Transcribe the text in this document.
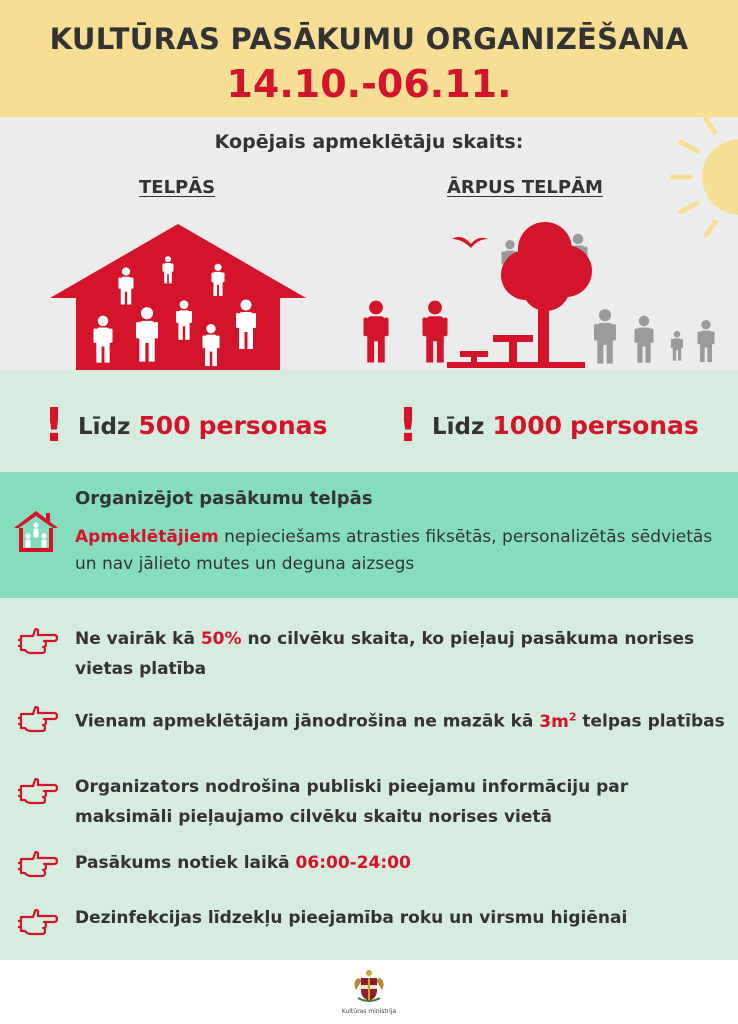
KULTŪRAS PASĀKUMU ORGANIZĒŠANA
14.10.-06.11.
Kopējais apmeklētāju skaits:
TELPĀS	ĀRPUS TELPĀM
! Līdz 500 personas ! Līdz 1000 personas
Organizējot pasākumu telpās
Apmeklētājiem nepieciešams atrasties fiksētās, personalizētās sēdvietās un nav jālieto mutes un deguna aizsegs
Ne vairāk kā 50% no cilvēku skaita, ko pieļauj pasākuma norises vietas platība
Vienam apmeklētājam jānodrošina ne mazāk kā $3m^2$ telpas platības
Organizators nodrošina publiski pieejamu informāciju par maksimāli pieļaujamo cilvēku skaitu norises vietā
Pasākums notiek laikā 06:00-24:00
Dezinfekcijas līdzekļu pieejamība roku un virsmu higiēnai
Kultūras ministrija
